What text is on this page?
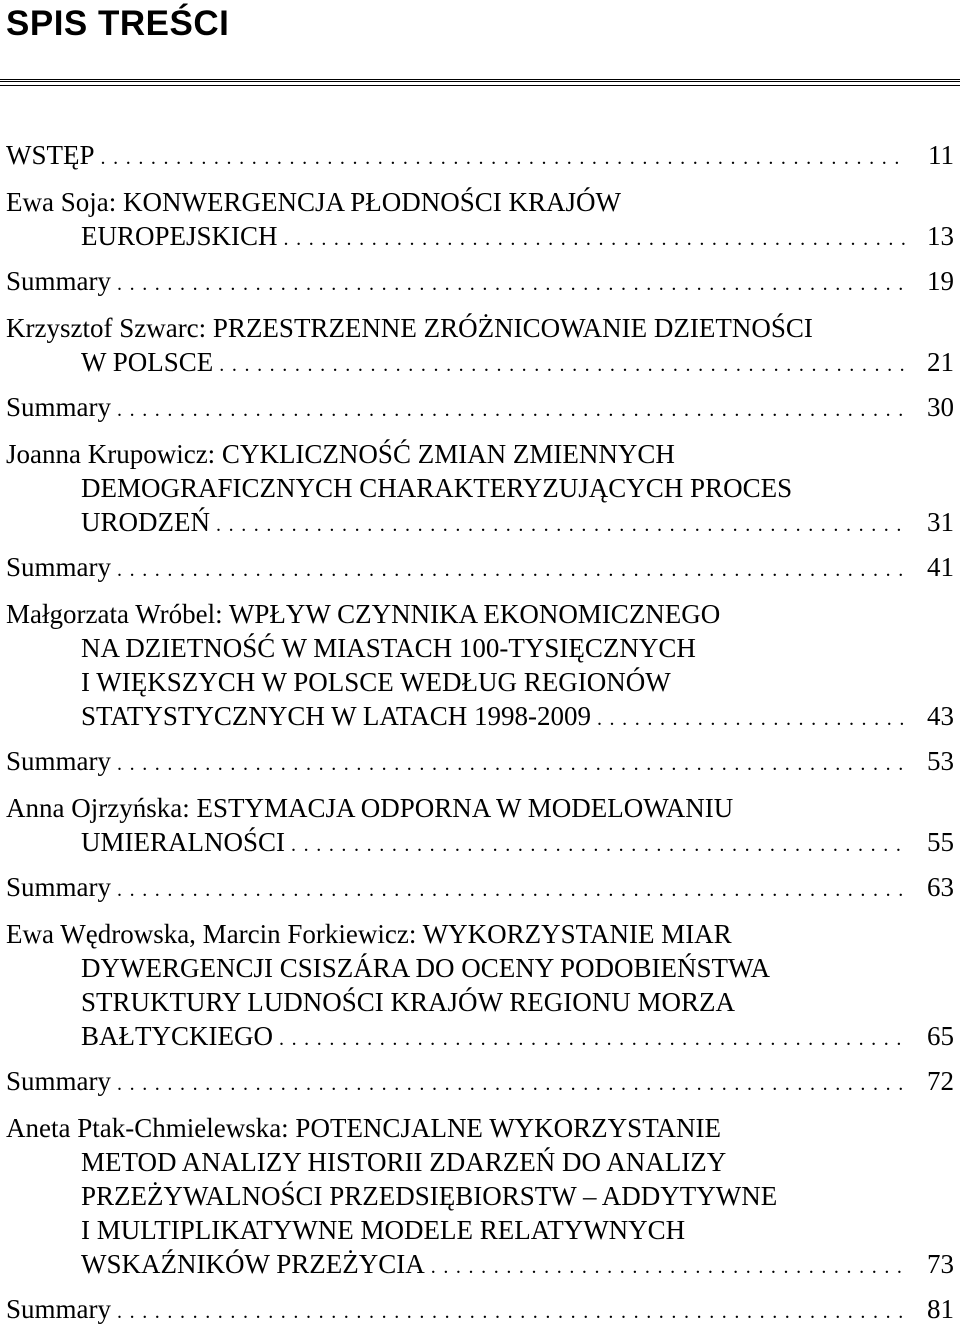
SPIS TREŚCI
WSTĘP . . .	11
Ewa Soja: KONWERGENCJA PŁODNOŚCI KRAJÓW
EUROPEJSKICH . . .	13
Summary . . .	19
Krzysztof Szwarc: PRZESTRZENNE ZRÓŻNICOWANIE DZIETNOŚCI
W POLSCE . . .	21
Summary . . .	30
Joanna Krupowicz: CYKLICZNOŚĆ ZMIAN ZMIENNYCH
DEMOGRAFICZNYCH CHARAKTERYZUJĄCYCH PROCES
URODZEŃ . . .	31
Summary . . .	41
Małgorzata Wróbel: WPŁYW CZYNNIKA EKONOMICZNEGO
NA DZIETNOŚĆ W MIASTACH 100-TYSIĘCZNYCH
I WIĘKSZYCH W POLSCE WEDŁUG REGIONÓW
STATYSTYCZNYCH W LATACH 1998-2009 . . .	43
Summary . . .	53
Anna Ojrzyńska: ESTYMACJA ODPORNA W MODELOWANIU
UMIERALNOŚCI . . .	55
Summary . . .	63
Ewa Wędrowska, Marcin Forkiewicz: WYKORZYSTANIE MIAR
DYWERGENCJI CSISZÁRA DO OCENY PODOBIEŃSTWA
STRUKTURY LUDNOŚCI KRAJÓW REGIONU MORZA
BAŁTYCKIEGO . . .	65
Summary . . .	72
Aneta Ptak-Chmielewska: POTENCJALNE WYKORZYSTANIE
METOD ANALIZY HISTORII ZDARZEŃ DO ANALIZY
PRZEŻYWALNOŚCI PRZEDSIĘBIORSTW – ADDYTYWNE
I MULTIPLIKATYWNE MODELE RELATYWNYCH
WSKAŹNIKÓW PRZEŻYCIA . . .	73
Summary . . .	81
